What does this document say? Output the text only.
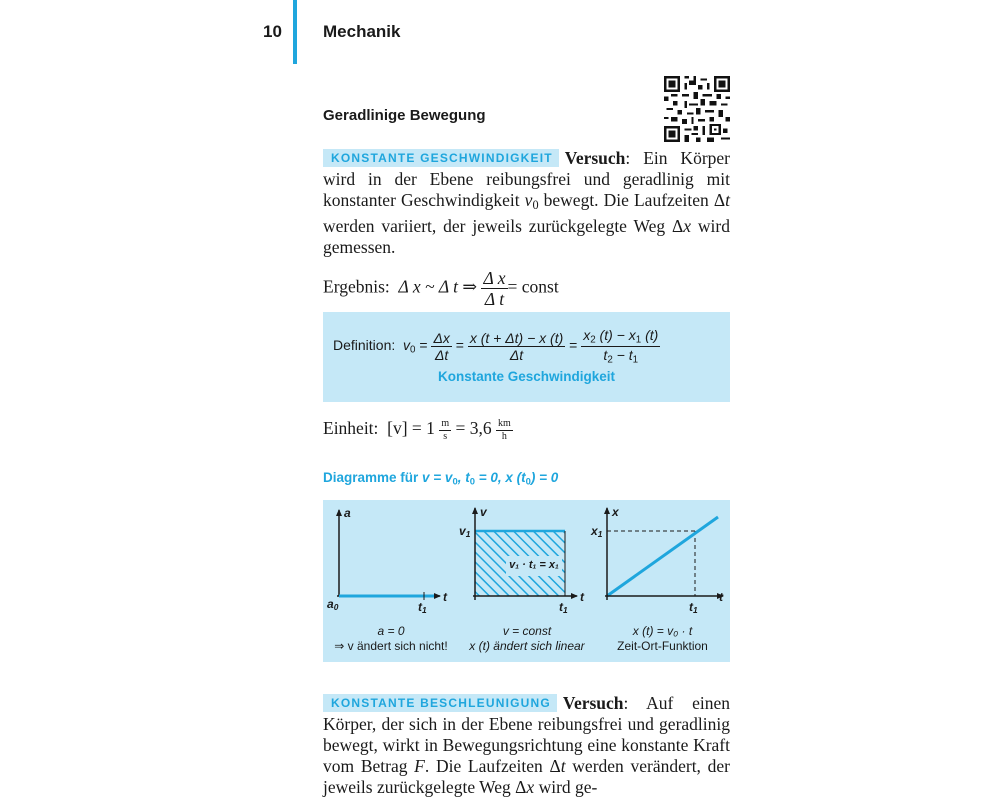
10 Mechanik
Geradlinige Bewegung
KONSTANTE GESCHWINDIGKEIT Versuch: Ein Körper wird in der Ebene reibungsfrei und geradlinig mit konstanter Geschwindigkeit $v_0$ bewegt. Die Laufzeiten Δt werden variiert, der jeweils zurückgelegte Weg Δx wird gemessen.
Ergebnis: Δ x ~ Δ t ⇒ $\frac{\text{Δ x}}{\text{Δ t}}$ = const
Konstante Geschwindigkeit
Definition: $v_0 = \frac{\Delta x}{\Delta t} = \frac{x (t + \Delta t) - x (t)}{\Delta t} = \frac{x_2 (t) - x_1 (t)}{t_2 - t_1}$
Einheit: $[v] = 1 \frac{m}{s} = 3,6 \frac{km}{h}$
Diagramme für $v = v_0$, $t_0 = 0$, x $(t_0) = 0$
a
t
$a_0$	$t_1$
a = 0
⇒ v ändert sich nicht!
v
t
$v_1$
$t_1$
v₁ · t₁ = x₁
v = const
x (t) ändert sich linear
x
t
$x_1$
$t_1$
x (t) = v₀ · t
Zeit-Ort-Funktion
KONSTANTE BESCHLEUNIGUNG Versuch: Auf einen Körper, der sich in der Ebene reibungsfrei und geradlinig bewegt, wirkt in Bewegungsrichtung eine konstante Kraft vom Betrag F. Die Laufzeiten Δt werden verändert, der jeweils zurückgelegte Weg Δx wird ge-
